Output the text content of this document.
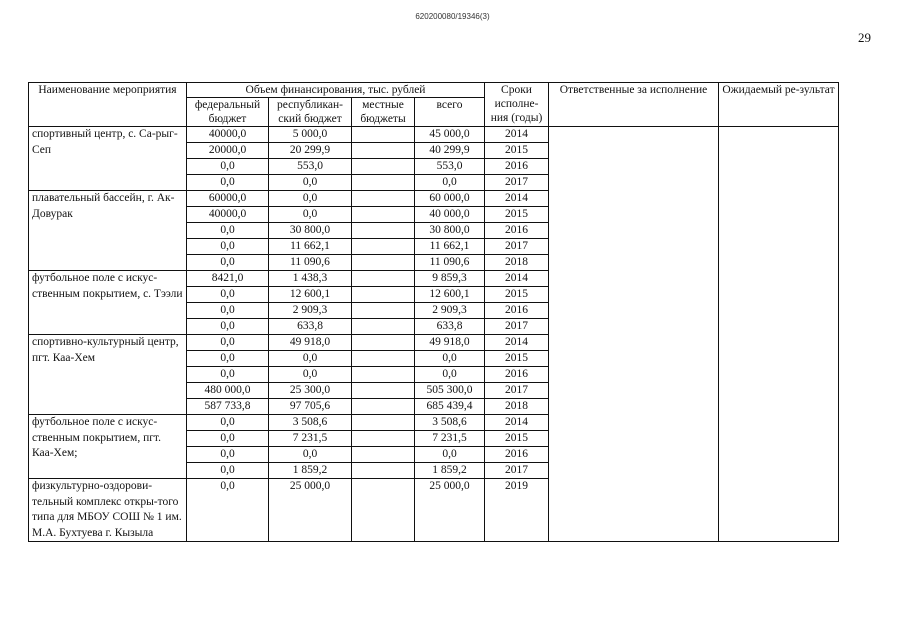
620200080/19346(3)
29
Наименование мероприятия	Объем финансирования, тыс. рублей				Сроки исполне-ния (годы)	Ответственные за исполнение	Ожидаемый ре-зультат
	федеральный бюджет	республикан-ский бюджет	местные бюджеты	всего			
спортивный центр, с. Са-рыг-Сеп	40000,0	5 000,0		45 000,0	2014		
	20000,0	20 299,9		40 299,9	2015		
	0,0	553,0		553,0	2016		
	0,0	0,0		0,0	2017		
плавательный бассейн, г. Ак-Довурак	60000,0	0,0		60 000,0	2014		
	40000,0	0,0		40 000,0	2015		
	0,0	30 800,0		30 800,0	2016		
	0,0	11 662,1		11 662,1	2017		
	0,0	11 090,6		11 090,6	2018		
футбольное поле с искус-ственным покрытием, с. Тээли	8421,0	1 438,3		9 859,3	2014		
	0,0	12 600,1		12 600,1	2015		
	0,0	2 909,3		2 909,3	2016		
	0,0	633,8		633,8	2017		
спортивно-культурный центр, пгт. Каа-Хем	0,0	49 918,0		49 918,0	2014		
	0,0	0,0		0,0	2015		
	0,0	0,0		0,0	2016		
	480 000,0	25 300,0		505 300,0	2017		
	587 733,8	97 705,6		685 439,4	2018		
футбольное поле с искус-ственным покрытием, пгт. Каа-Хем;	0,0	3 508,6		3 508,6	2014		
	0,0	7 231,5		7 231,5	2015		
	0,0	0,0		0,0	2016		
	0,0	1 859,2		1 859,2	2017		
физкультурно-оздорови-тельный комплекс откры-того типа для МБОУ СОШ № 1 им. М.А. Бухтуева г. Кызыла	0,0	25 000,0		25 000,0	2019		
